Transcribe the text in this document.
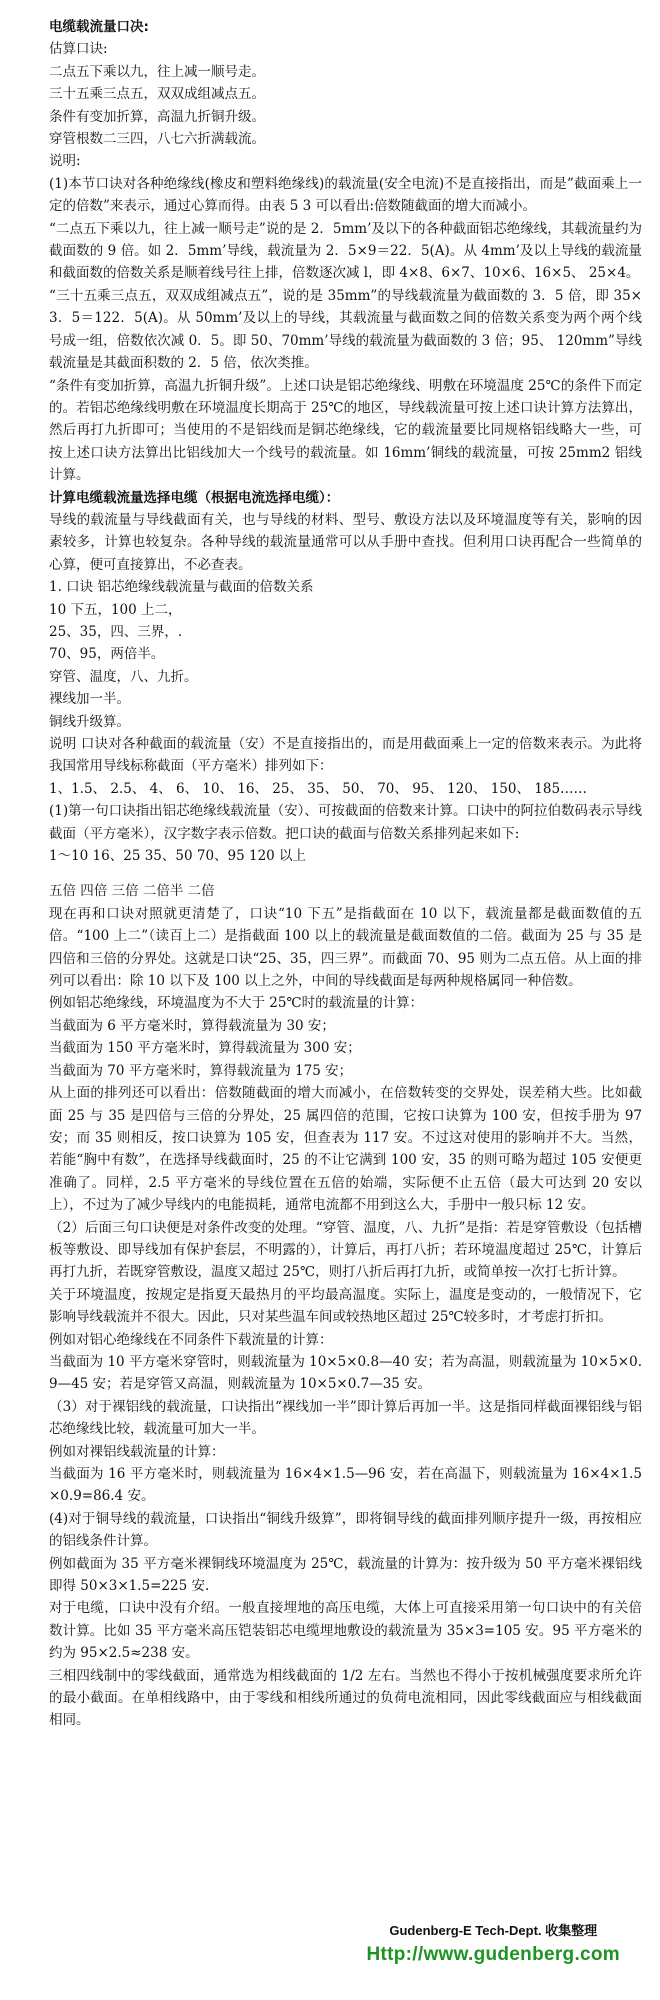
电缆载流量口决:

估算口诀:

二点五下乘以九，往上减一顺号走。

三十五乘三点五，双双成组减点五。

条件有变加折算，高温九折铜升级。

穿管根数二三四，八七六折满载流。

说明:

(1)本节口诀对各种绝缘线(橡皮和塑料绝缘线)的载流量(安全电流)不是直接指出，而是”截面乘上一定的倍数”来表示，通过心算而得。由表 5 3 可以看出:倍数随截面的增大而减小。

“二点五下乘以九，往上减一顺号走”说的是 2．5mm’及以下的各种截面铝芯绝缘线，其载流量约为截面数的 9 倍。如 2．5mm’导线，载流量为 2．5×9＝22．5(A)。从 4mm’及以上导线的载流量和截面数的倍数关系是顺着线号往上排，倍数逐次减 l，即 4×8、6×7、10×6、16×5、 25×4。

“三十五乘三点五，双双成组减点五”，说的是 35mm”的导线载流量为截面数的 3．5 倍，即 35×3．5＝122．5(A)。从 50mm’及以上的导线，其载流量与截面数之间的倍数关系变为两个两个线号成一组，倍数依次减 0．5。即 50、70mm’导线的载流量为截面数的 3 倍；95、 120mm”导线载流量是其截面积数的 2．5 倍，依次类推。

“条件有变加折算，高温九折铜升级”。上述口诀是铝芯绝缘线、明敷在环境温度 25℃的条件下而定的。若铝芯绝缘线明敷在环境温度长期高于 25℃的地区，导线载流量可按上述口诀计算方法算出，然后再打九折即可；当使用的不是铝线而是铜芯绝缘线，它的载流量要比同规格铝线略大一些，可按上述口诀方法算出比铝线加大一个线号的载流量。如 16mm’铜线的载流量，可按 25mm2 铝线计算。

计算电缆载流量选择电缆（根据电流选择电缆）：

导线的载流量与导线截面有关，也与导线的材料、型号、敷设方法以及环境温度等有关，影响的因素较多，计算也较复杂。各种导线的载流量通常可以从手册中查找。但利用口诀再配合一些简单的心算，便可直接算出，不必查表。

1. 口诀 铝芯绝缘线载流量与截面的倍数关系

10 下五，100 上二，

25、35，四、三界，.

70、95，两倍半。

穿管、温度，八、九折。

裸线加一半。

铜线升级算。

说明 口诀对各种截面的载流量（安）不是直接指出的，而是用截面乘上一定的倍数来表示。为此将我国常用导线标称截面（平方毫米）排列如下：

1、1.5、 2.5、 4、 6、 10、 16、 25、 35、 50、 70、 95、 120、 150、 185……

(1)第一句口诀指出铝芯绝缘线载流量（安）、可按截面的倍数来计算。口诀中的阿拉伯数码表示导线截面（平方毫米），汉字数字表示倍数。把口诀的截面与倍数关系排列起来如下:

1～10 16、25 35、50 70、95 120 以上

五倍 四倍 三倍 二倍半 二倍

现在再和口诀对照就更清楚了，口诀“10 下五”是指截面在 10 以下，载流量都是截面数值的五倍。“100 上二”（读百上二）是指截面 100 以上的载流量是截面数值的二倍。截面为 25 与 35 是四倍和三倍的分界处。这就是口诀“25、35，四三界”。而截面 70、95 则为二点五倍。从上面的排列可以看出：除 10 以下及 100 以上之外，中间的导线截面是每两种规格属同一种倍数。

例如铝芯绝缘线，环境温度为不大于 25℃时的载流量的计算：

当截面为 6 平方毫米时，算得载流量为 30 安；

当截面为 150 平方毫米时，算得载流量为 300 安；

当截面为 70 平方毫米时，算得载流量为 175 安；

从上面的排列还可以看出：倍数随截面的增大而减小，在倍数转变的交界处，误差稍大些。比如截面 25 与 35 是四倍与三倍的分界处，25 属四倍的范围，它按口诀算为 100 安，但按手册为 97 安；而 35 则相反，按口诀算为 105 安，但查表为 117 安。不过这对使用的影响并不大。当然，若能“胸中有数”，在选择导线截面时，25 的不让它满到 100 安，35 的则可略为超过 105 安便更准确了。同样，2.5 平方毫米的导线位置在五倍的始端，实际便不止五倍（最大可达到 20 安以上），不过为了减少导线内的电能损耗，通常电流都不用到这么大，手册中一般只标 12 安。

（2）后面三句口诀便是对条件改变的处理。“穿管、温度，八、九折”是指：若是穿管敷设（包括槽板等敷设、即导线加有保护套层，不明露的），计算后，再打八折；若环境温度超过 25℃，计算后再打九折，若既穿管敷设，温度又超过 25℃，则打八折后再打九折，或简单按一次打七折计算。

关于环境温度，按规定是指夏天最热月的平均最高温度。实际上，温度是变动的，一般情况下，它影响导线载流并不很大。因此，只对某些温车间或较热地区超过 25℃较多时，才考虑打折扣。

例如对铝心绝缘线在不同条件下载流量的计算：

当截面为 10 平方毫米穿管时，则载流量为 10×5×0.8—40 安；若为高温，则载流量为 10×5×0.9—45 安；若是穿管又高温，则载流量为 10×5×0.7—35 安。

（3）对于裸铝线的载流量，口诀指出“裸线加一半”即计算后再加一半。这是指同样截面裸铝线与铝芯绝缘线比较，载流量可加大一半。

例如对裸铝线载流量的计算：

当截面为 16 平方毫米时，则载流量为 16×4×1.5—96 安，若在高温下，则载流量为 16×4×1.5×0.9=86.4 安。

(4)对于铜导线的载流量，口诀指出“铜线升级算”，即将铜导线的截面排列顺序提升一级，再按相应的铝线条件计算。

例如截面为 35 平方毫米裸铜线环境温度为 25℃，载流量的计算为：按升级为 50 平方毫米裸铝线即得 50×3×1.5=225 安.

对于电缆，口诀中没有介绍。一般直接埋地的高压电缆，大体上可直接采用第一句口诀中的有关倍数计算。比如 35 平方毫米高压铠装铝芯电缆埋地敷设的载流量为 35×3=105 安。95 平方毫米的约为 95×2.5≈238 安。

三相四线制中的零线截面，通常选为相线截面的 1/2 左右。当然也不得小于按机械强度要求所允许的最小截面。在单相线路中，由于零线和相线所通过的负荷电流相同，因此零线截面应与相线截面相同。

Gudenberg-E Tech-Dept. 收集整理
Http://www.gudenberg.com
